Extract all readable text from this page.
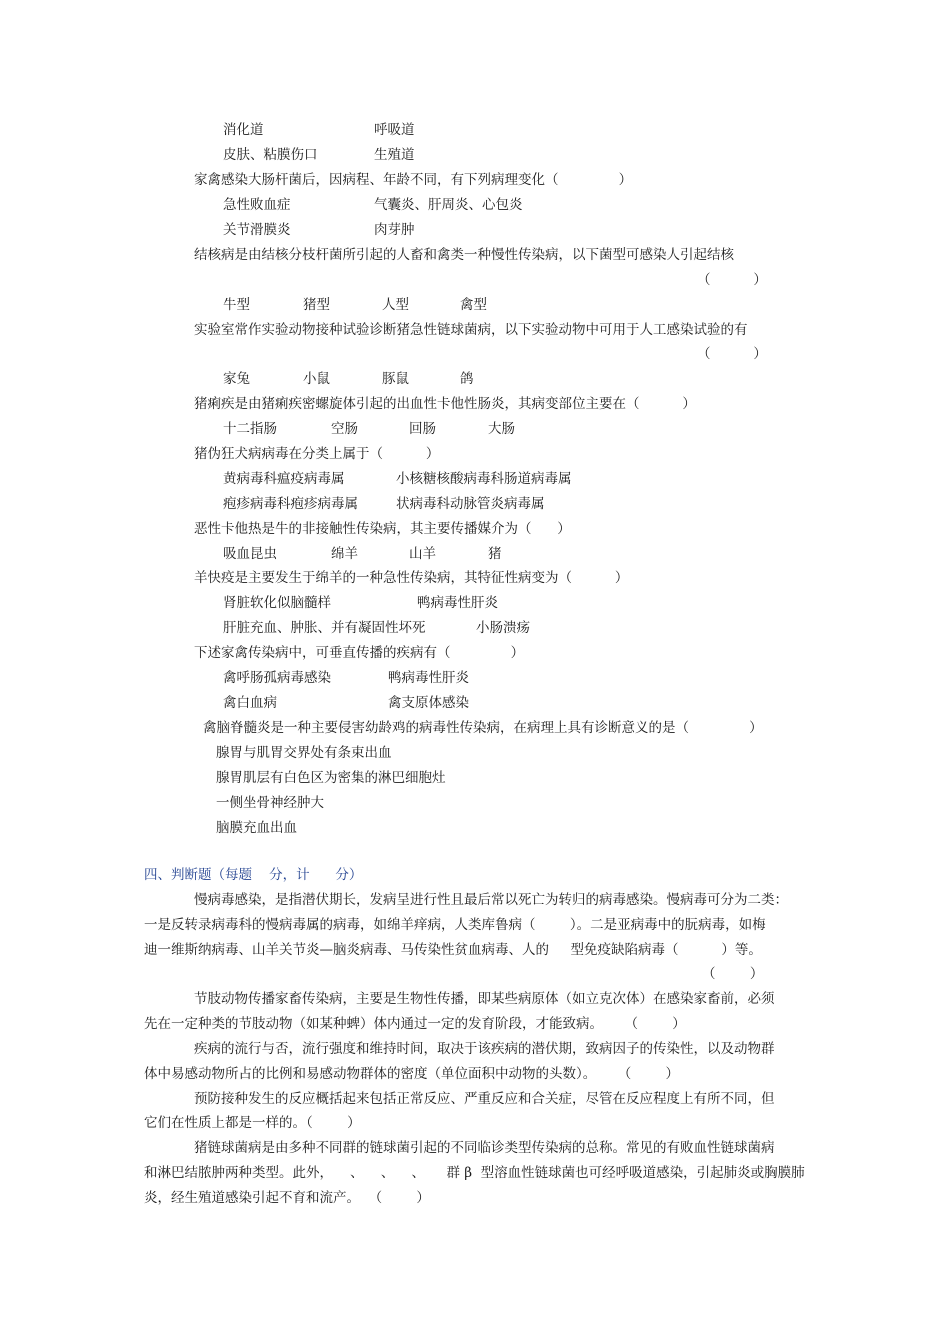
消化道	呼吸道
皮肤、粘膜伤口	生殖道
家禽感染大肠杆菌后，因病程、年龄不同，有下列病理变化（              ）
急性败血症	气囊炎、肝周炎、心包炎
关节滑膜炎	肉芽肿
结核病是由结核分枝杆菌所引起的人畜和禽类一种慢性传染病，以下菌型可感染人引起结核
（          ）
牛型	猪型	人型	禽型
实验室常作实验动物接种试验诊断猪急性链球菌病，以下实验动物中可用于人工感染试验的有
（          ）
家兔	小鼠	豚鼠	鸽
猪痢疾是由猪痢疾密螺旋体引起的出血性卡他性肠炎，其病变部位主要在（          ）
十二指肠	空肠	回肠	大肠
猪伪狂犬病病毒在分类上属于（          ）
黄病毒科瘟疫病毒属	小核糖核酸病毒科肠道病毒属
疱疹病毒科疱疹病毒属	状病毒科动脉管炎病毒属
恶性卡他热是牛的非接触性传染病，其主要传播媒介为（      ）
吸血昆虫	绵羊	山羊	猪
羊快疫是主要发生于绵羊的一种急性传染病，其特征性病变为（          ）
肾脏软化似脑髓样	鸭病毒性肝炎
肝脏充血、肿胀、并有凝固性坏死	小肠溃疡
下述家禽传染病中，可垂直传播的疾病有（              ）
禽呼肠孤病毒感染	鸭病毒性肝炎
禽白血病	禽支原体感染
禽脑脊髓炎是一种主要侵害幼龄鸡的病毒性传染病，在病理上具有诊断意义的是（              ）
腺胃与肌胃交界处有条束出血
腺胃肌层有白色区为密集的淋巴细胞灶
一侧坐骨神经肿大
脑膜充血出血
四、判断题（每题    分，计      分）
慢病毒感染，是指潜伏期长，发病呈进行性且最后常以死亡为转归的病毒感染。慢病毒可分为二类：
一是反转录病毒科的慢病毒属的病毒，如绵羊痒病，人类库鲁病（        ）。二是亚病毒中的朊病毒，如梅
迪一维斯纳病毒、山羊关节炎—脑炎病毒、马传染性贫血病毒、人的     型免疫缺陷病毒（          ）等。
（        ）
节肢动物传播家畜传染病，主要是生物性传播，即某些病原体（如立克次体）在感染家畜前，必须
先在一定种类的节肢动物（如某种蜱）体内通过一定的发育阶段，才能致病。     （        ）
疾病的流行与否，流行强度和维持时间，取决于该疾病的潜伏期，致病因子的传染性，以及动物群
体中易感动物所占的比例和易感动物群体的密度（单位面积中动物的头数）。     （        ）
预防接种发生的反应概括起来包括正常反应、严重反应和合关症，尽管在反应程度上有所不同，但
它们在性质上都是一样的。（        ）
猪链球菌病是由多种不同群的链球菌引起的不同临诊类型传染病的总称。常见的有败血性链球菌病
和淋巴结脓肿两种类型。此外，    、    、    、     群 β  型溶血性链球菌也可经呼吸道感染，引起肺炎或胸膜肺
炎，经生殖道感染引起不育和流产。  （        ）
